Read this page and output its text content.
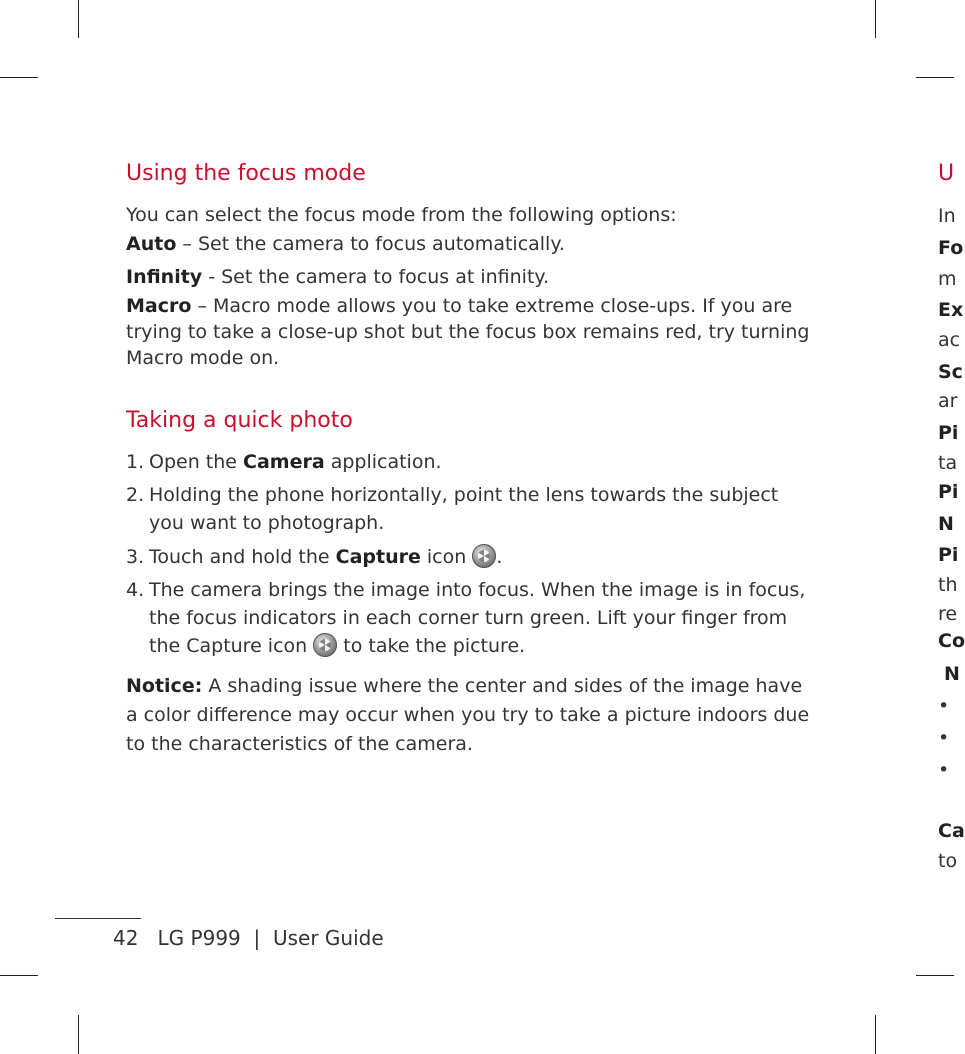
Using the focus mode

You can select the focus mode from the following options:

Auto – Set the camera to focus automatically.

Infinity - Set the camera to focus at infinity.

Macro – Macro mode allows you to take extreme close-ups. If you are trying to take a close-up shot but the focus box remains red, try turning Macro mode on.

Taking a quick photo
1. Open the Camera application.
2. Holding the phone horizontally, point the lens towards the subject you want to photograph.
3. Touch and hold the Capture icon .
4. The camera brings the image into focus. When the image is in focus, the focus indicators in each corner turn green. Lift your finger from the Capture icon  to take the picture.

Notice: A shading issue where the center and sides of the image have a color difference may occur when you try to take a picture indoors due to the characteristics of the camera.

U
In
Fo
m
Ex
ac
Sc
ar
Pi
ta
Pi
N
Pi
th
re
Co
N
•
•
•
Ca
to
42 LG P999 | User Guide
